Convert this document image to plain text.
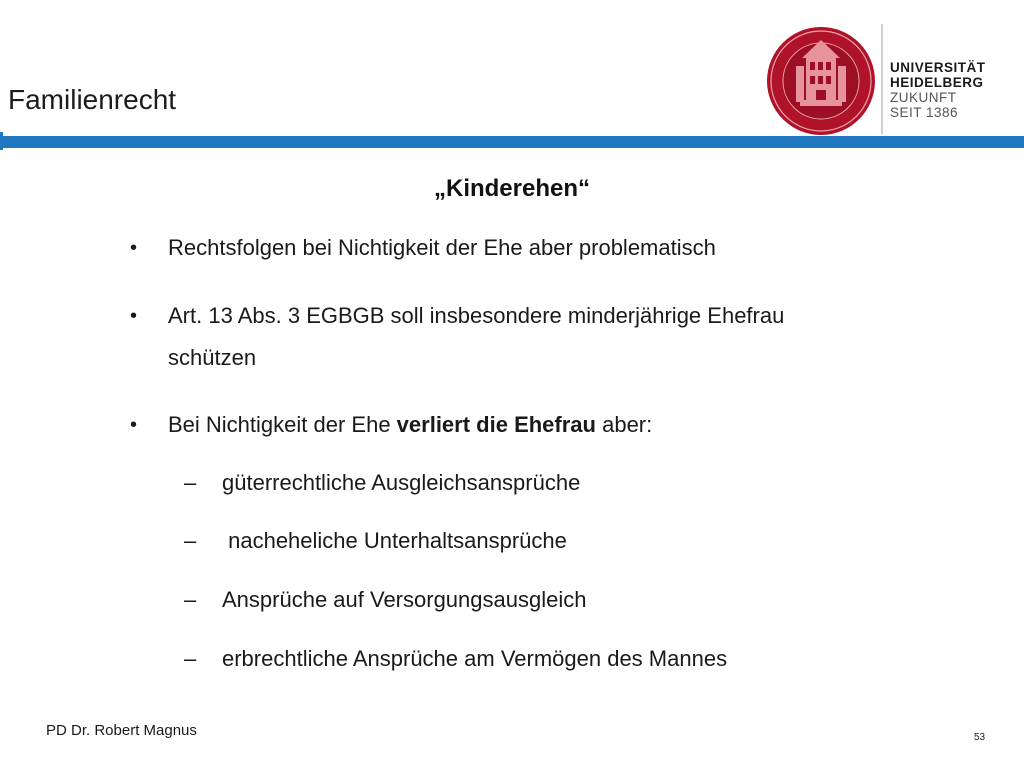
Familienrecht
UNIVERSITÄT
HEIDELBERG
ZUKUNFT
SEIT 1386
„Kinderehen“
• Rechtsfolgen bei Nichtigkeit der Ehe aber problematisch
• Art. 13 Abs. 3 EGBGB soll insbesondere minderjährige Ehefrau
schützen
• Bei Nichtigkeit der Ehe verliert die Ehefrau aber:
– güterrechtliche Ausgleichsansprüche
– nacheheliche Unterhaltsansprüche
– Ansprüche auf Versorgungsausgleich
– erbrechtliche Ansprüche am Vermögen des Mannes
PD Dr. Robert Magnus	53
